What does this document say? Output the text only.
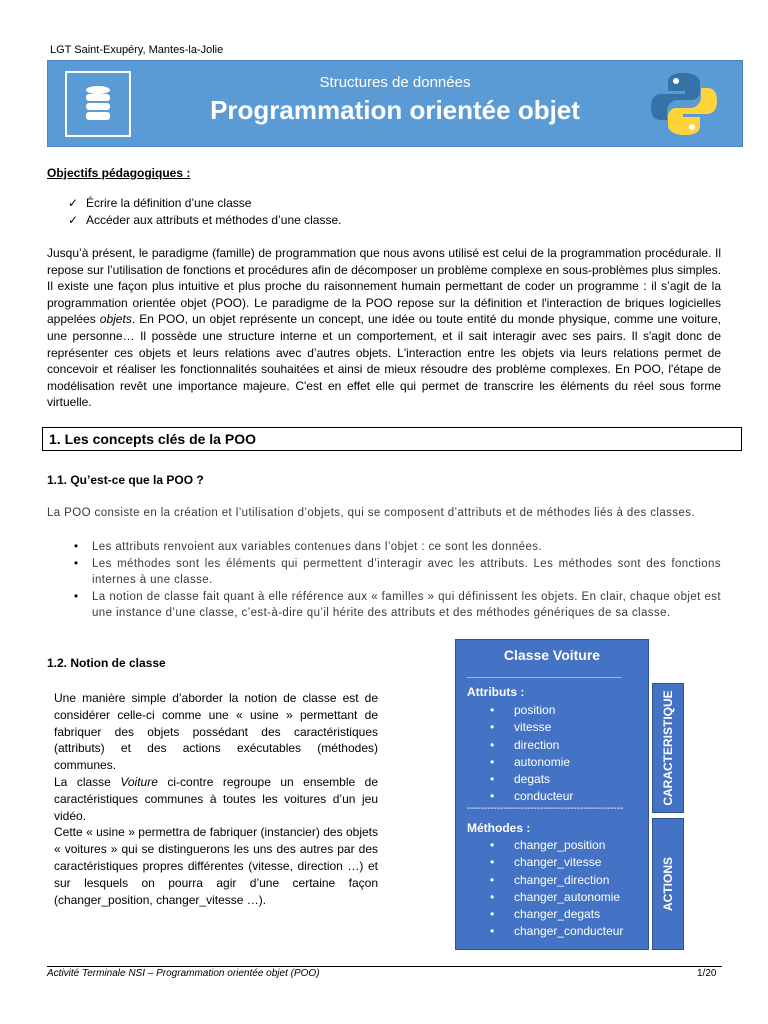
LGT Saint-Exupéry, Mantes-la-Jolie
Structures de données
Programmation orientée objet
Objectifs pédagogiques :
✓ Écrire la définition d’une classe
✓ Accéder aux attributs et méthodes d’une classe.
Jusqu’à présent, le paradigme (famille) de programmation que nous avons utilisé est celui de la programmation procédurale. Il repose sur l’utilisation de fonctions et procédures afin de décomposer un problème complexe en sous-problèmes plus simples. Il existe une façon plus intuitive et plus proche du raisonnement humain permettant de coder un programme : il s’agit de la programmation orientée objet (POO). Le paradigme de la POO repose sur la définition et l'interaction de briques logicielles appelées objets. En POO, un objet représente un concept, une idée ou toute entité du monde physique, comme une voiture, une personne… Il possède une structure interne et un comportement, et il sait interagir avec ses pairs. Il s'agit donc de représenter ces objets et leurs relations avec d’autres objets. L'interaction entre les objets via leurs relations permet de concevoir et réaliser les fonctionnalités souhaitées et ainsi de mieux résoudre des problème complexes. En POO, l'étape de modélisation revêt une importance majeure. C'est en effet elle qui permet de transcrire les éléments du réel sous forme virtuelle.
1. Les concepts clés de la POO
1.1. Qu’est-ce que la POO ?
La POO consiste en la création et l’utilisation d’objets, qui se composent d’attributs et de méthodes liés à des classes.
• Les attributs renvoient aux variables contenues dans l’objet : ce sont les données.
• Les méthodes sont les éléments qui permettent d’interagir avec les attributs. Les méthodes sont des fonctions internes à une classe.
• La notion de classe fait quant à elle référence aux « familles » qui définissent les objets. En clair, chaque objet est une instance d’une classe, c’est-à-dire qu’il hérite des attributs et des méthodes génériques de sa classe.
1.2. Notion de classe
Une manière simple d’aborder la notion de classe est de considérer celle-ci comme une « usine » permettant de fabriquer des objets possédant des caractéristiques (attributs) et des actions exécutables (méthodes) communes.
La classe Voiture ci-contre regroupe un ensemble de caractéristiques communes à toutes les voitures d’un jeu vidéo.
Cette « usine » permettra de fabriquer (instancier) des objets « voitures » qui se distinguerons les uns des autres par des caractéristiques propres différentes (vitesse, direction …) et sur lesquels on pourra agir d’une certaine façon (changer_position, changer_vitesse …).
Classe Voiture
___________________________
Attributs :
• position
• vitesse
• direction
• autonomie
• degats
• conducteur
-----------------------------------------------
Méthodes :
• changer_position
• changer_vitesse
• changer_direction
• changer_autonomie
• changer_degats
• changer_conducteur
CARACTERISTIQUE
ACTIONS
Activité Terminale NSI – Programmation orientée objet (POO)	1/20
